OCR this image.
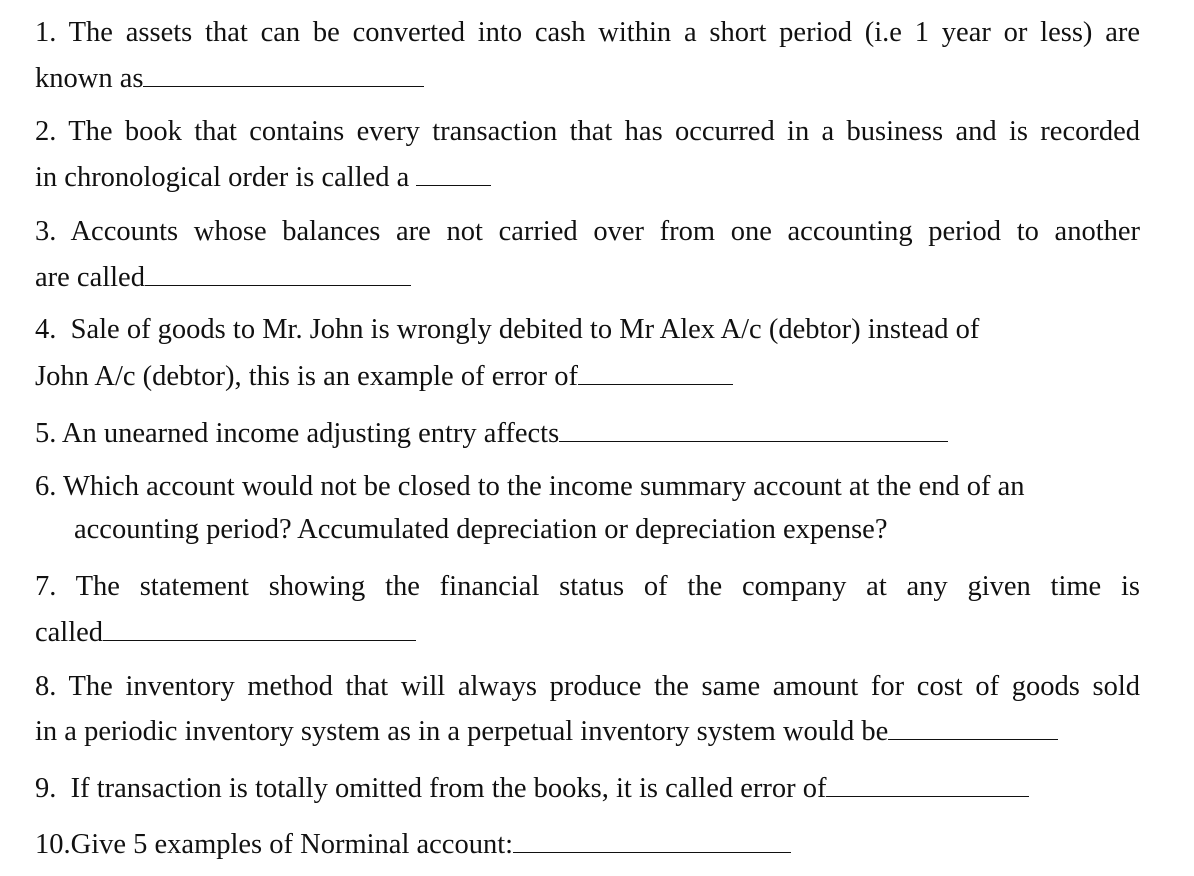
1. The assets that can be converted into cash within a short period (i.e 1 year or less) are
known as
2. The book that contains every transaction that has occurred in a business and is recorded
in chronological order is called a
3. Accounts whose balances are not carried over from one accounting period to another
are called
4.  Sale of goods to Mr. John is wrongly debited to Mr Alex A/c (debtor) instead of
John A/c (debtor), this is an example of error of
5. An unearned income adjusting entry affects
6. Which account would not be closed to the income summary account at the end of an
accounting period? Accumulated depreciation or depreciation expense?
7. The statement showing the financial status of the company at any given time is
called
8. The inventory method that will always produce the same amount for cost of goods sold
in a periodic inventory system as in a perpetual inventory system would be
9.  If transaction is totally omitted from the books, it is called error of
10.Give 5 examples of Norminal account:
